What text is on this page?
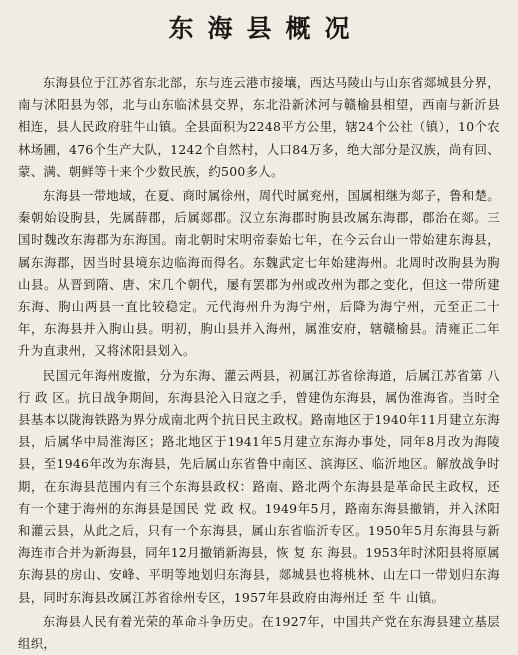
东海县概况

东海县位于江苏省东北部，东与连云港市接壤，西达马陵山与山东省郯城县分界，南与沭阳县为邻，北与山东临沭县交界，东北沿新沭河与赣榆县相望，西南与新沂县相连，县人民政府驻牛山镇。全县面积为2248平方公里，辖24个公社（镇），10个农林场圃，476个生产大队，1242个自然村，人口84万多，绝大部分是汉族，尚有回、蒙、满、朝鲜等十来个少数民族，约500多人。

东海县一带地域，在夏、商时属徐州，周代时属兖州，国属相继为郯子，鲁和楚。秦朝始设朐县，先属薛郡，后属郯郡。汉立东海郡时朐县改属东海郡，郡治在郯。三国时魏改东海郡为东海国。南北朝时宋明帝泰始七年，在今云台山一带始建东海县，属东海郡，因当时县境东边临海而得名。东魏武定七年始建海州。北周时改朐县为朐山县。从晋到隋、唐、宋几个朝代，屡有罢郡为州或改州为郡之变化，但这一带所建东海、朐山两县一直比较稳定。元代海州升为海宁州，后降为海宁州，元至正二十年，东海县并入朐山县。明初，朐山县并入海州，属淮安府，辖赣榆县。清雍正二年升为直隶州，又将沭阳县划入。

民国元年海州废撤，分为东海、灌云两县，初属江苏省徐海道，后属江苏省第 八 行 政 区。抗日战争期间，东海县沦入日寇之手，曾建伪东海县，属伪淮海省。当时全县基本以陇海铁路为界分成南北两个抗日民主政权。路南地区于1940年11月建立东海县，后属华中局淮海区；路北地区于1941年5月建立东海办事处，同年8月改为海陵县，至1946年改为东海县，先后属山东省鲁中南区、滨海区、临沂地区。解放战争时期，在东海县范围内有三个东海县政权：路南、路北两个东海县是革命民主政权，还有一个建于海州的东海县是国民 党 政 权。1949年5月，路南东海县撤销，并入沭阳和灌云县，从此之后，只有一个东海县，属山东省临沂专区。1950年5月东海县与新海连市合并为新海县，同年12月撤销新海县，恢 复 东 海县。1953年时沭阳县将原属东海县的房山、安峰、平明等地划归东海县，郯城县也将桃林、山左口一带划归东海县，同时东海县改属江苏省徐州专区，1957年县政府由海州迁 至 牛 山镇。

东海县人民有着光荣的革命斗争历史。在1927年，中国共产党在东海县建立基层组织，
